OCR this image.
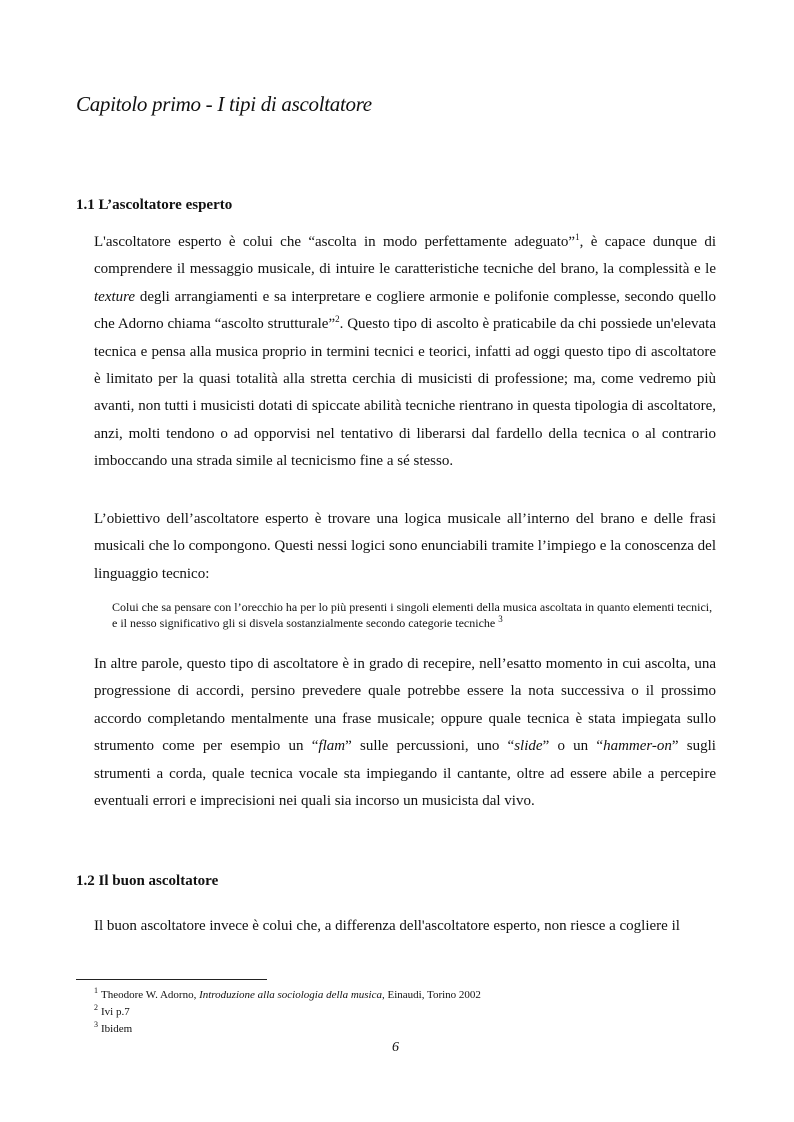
Capitolo primo - I tipi di ascoltatore
1.1 L’ascoltatore esperto

L'ascoltatore esperto è colui che “ascolta in modo perfettamente adeguato”$^1$, è capace dunque di comprendere il messaggio musicale, di intuire le caratteristiche tecniche del brano, la complessità e le texture degli arrangiamenti e sa interpretare e cogliere armonie e polifonie complesse, secondo quello che Adorno chiama “ascolto strutturale”$^2$. Questo tipo di ascolto è praticabile da chi possiede un'elevata tecnica e pensa alla musica proprio in termini tecnici e teorici, infatti ad oggi questo tipo di ascoltatore è limitato per la quasi totalità alla stretta cerchia di musicisti di professione; ma, come vedremo più avanti, non tutti i musicisti dotati di spiccate abilità tecniche rientrano in questa tipologia di ascoltatore, anzi, molti tendono o ad opporvisi nel tentativo di liberarsi dal fardello della tecnica o al contrario imboccando una strada simile al tecnicismo fine a sé stesso.

L’obiettivo dell’ascoltatore esperto è trovare una logica musicale all’interno del brano e delle frasi musicali che lo compongono. Questi nessi logici sono enunciabili tramite l’impiego e la conoscenza del linguaggio tecnico:

Colui che sa pensare con l’orecchio ha per lo più presenti i singoli elementi della musica ascoltata in quanto elementi tecnici, e il nesso significativo gli si disvela sostanzialmente secondo categorie tecniche $^3$

In altre parole, questo tipo di ascoltatore è in grado di recepire, nell’esatto momento in cui ascolta, una progressione di accordi, persino prevedere quale potrebbe essere la nota successiva o il prossimo accordo completando mentalmente una frase musicale; oppure quale tecnica è stata impiegata sullo strumento come per esempio un “flam” sulle percussioni, uno “slide” o un “hammer-on” sugli strumenti a corda, quale tecnica vocale sta impiegando il cantante, oltre ad essere abile a percepire eventuali errori e imprecisioni nei quali sia incorso un musicista dal vivo.

1.2 Il buon ascoltatore

Il buon ascoltatore invece è colui che, a differenza dell'ascoltatore esperto, non riesce a cogliere il

$^1$ Theodore W. Adorno, Introduzione alla sociologia della musica, Einaudi, Torino 2002
$^2$ Ivi p.7
$^3$ Ibidem
6
